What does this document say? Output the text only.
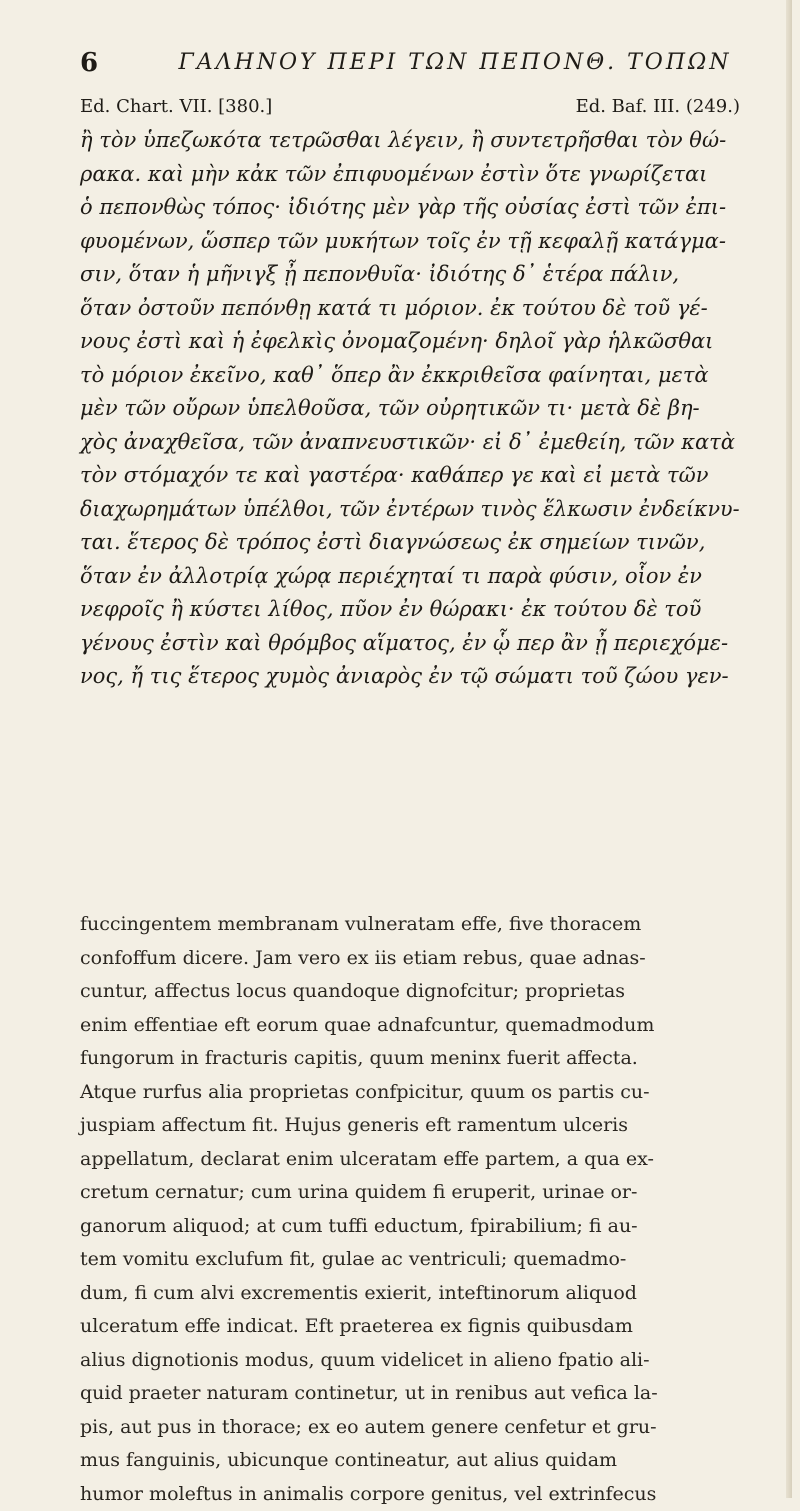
6	ΓΑΛΗΝΟΥ ΠΕΡΙ ΤΩΝ ΠΕΠΟΝΘ. ΤΟΠΩΝ
Ed. Chart. VII. [380.]	Ed. Baf. III. (249.)
ἢ τὸν ὑπεζωκότα τετρῶσθαι λέγειν, ἢ συντετρῆσθαι τὸν θώ-
ρακα. καὶ μὴν κἀκ τῶν ἐπιφυομένων ἐστὶν ὅτε γνωρίζεται
ὁ πεπονθὼς τόπος· ἰδιότης μὲν γὰρ τῆς οὐσίας ἐστὶ τῶν ἐπι-
φυομένων, ὥσπερ τῶν μυκήτων τοῖς ἐν τῇ κεφαλῇ κατάγμα-
σιν, ὅταν ἡ μῆνιγξ ᾖ πεπονθυῖα· ἰδιότης δ᾽ ἑτέρα πάλιν,
ὅταν ὀστοῦν πεπόνθῃ κατά τι μόριον. ἐκ τούτου δὲ τοῦ γέ-
νους ἐστὶ καὶ ἡ ἐφελκὶς ὀνομαζομένη· δηλοῖ γὰρ ἡλκῶσθαι
τὸ μόριον ἐκεῖνο, καθ᾽ ὅπερ ἂν ἐκκριθεῖσα φαίνηται, μετὰ
μὲν τῶν οὔρων ὑπελθοῦσα, τῶν οὐρητικῶν τι· μετὰ δὲ βη-
χὸς ἀναχθεῖσα, τῶν ἀναπνευστικῶν· εἰ δ᾽ ἐμεθείη, τῶν κατὰ
τὸν στόμαχόν τε καὶ γαστέρα· καθάπερ γε καὶ εἰ μετὰ τῶν
διαχωρημάτων ὑπέλθοι, τῶν ἐντέρων τινὸς ἕλκωσιν ἐνδείκνυ-
ται. ἕτερος δὲ τρόπος ἐστὶ διαγνώσεως ἐκ σημείων τινῶν,
ὅταν ἐν ἀλλοτρίᾳ χώρᾳ περιέχηταί τι παρὰ φύσιν, οἷον ἐν
νεφροῖς ἢ κύστει λίθος, πῦον ἐν θώρακι· ἐκ τούτου δὲ τοῦ
γένους ἐστὶν καὶ θρόμβος αἵματος, ἐν ᾧ περ ἂν ᾖ περιεχόμε-
νος, ἤ τις ἕτερος χυμὸς ἀνιαρὸς ἐν τῷ σώματι τοῦ ζώου γεν-
fuccingentem membranam vulneratam effe, five thoracem
confoffum dicere. Jam vero ex iis etiam rebus, quae adnas-
cuntur, affectus locus quandoque dignofcitur; proprietas
enim effentiae eft eorum quae adnafcuntur, quemadmodum
fungorum in fracturis capitis, quum meninx fuerit affecta.
Atque rurfus alia proprietas confpicitur, quum os partis cu-
juspiam affectum fit. Hujus generis eft ramentum ulceris
appellatum, declarat enim ulceratam effe partem, a qua ex-
cretum cernatur; cum urina quidem fi eruperit, urinae or-
ganorum aliquod; at cum tuffi eductum, fpirabilium; fi au-
tem vomitu exclufum fit, gulae ac ventriculi; quemadmo-
dum, fi cum alvi excrementis exierit, inteftinorum aliquod
ulceratum effe indicat. Eft praeterea ex fignis quibusdam
alius dignotionis modus, quum videlicet in alieno fpatio ali-
quid praeter naturam continetur, ut in renibus aut vefica la-
pis, aut pus in thorace; ex eo autem genere cenfetur et gru-
mus fanguinis, ubicunque contineatur, aut alius quidam
humor moleftus in animalis corpore genitus, vel extrinfecus
